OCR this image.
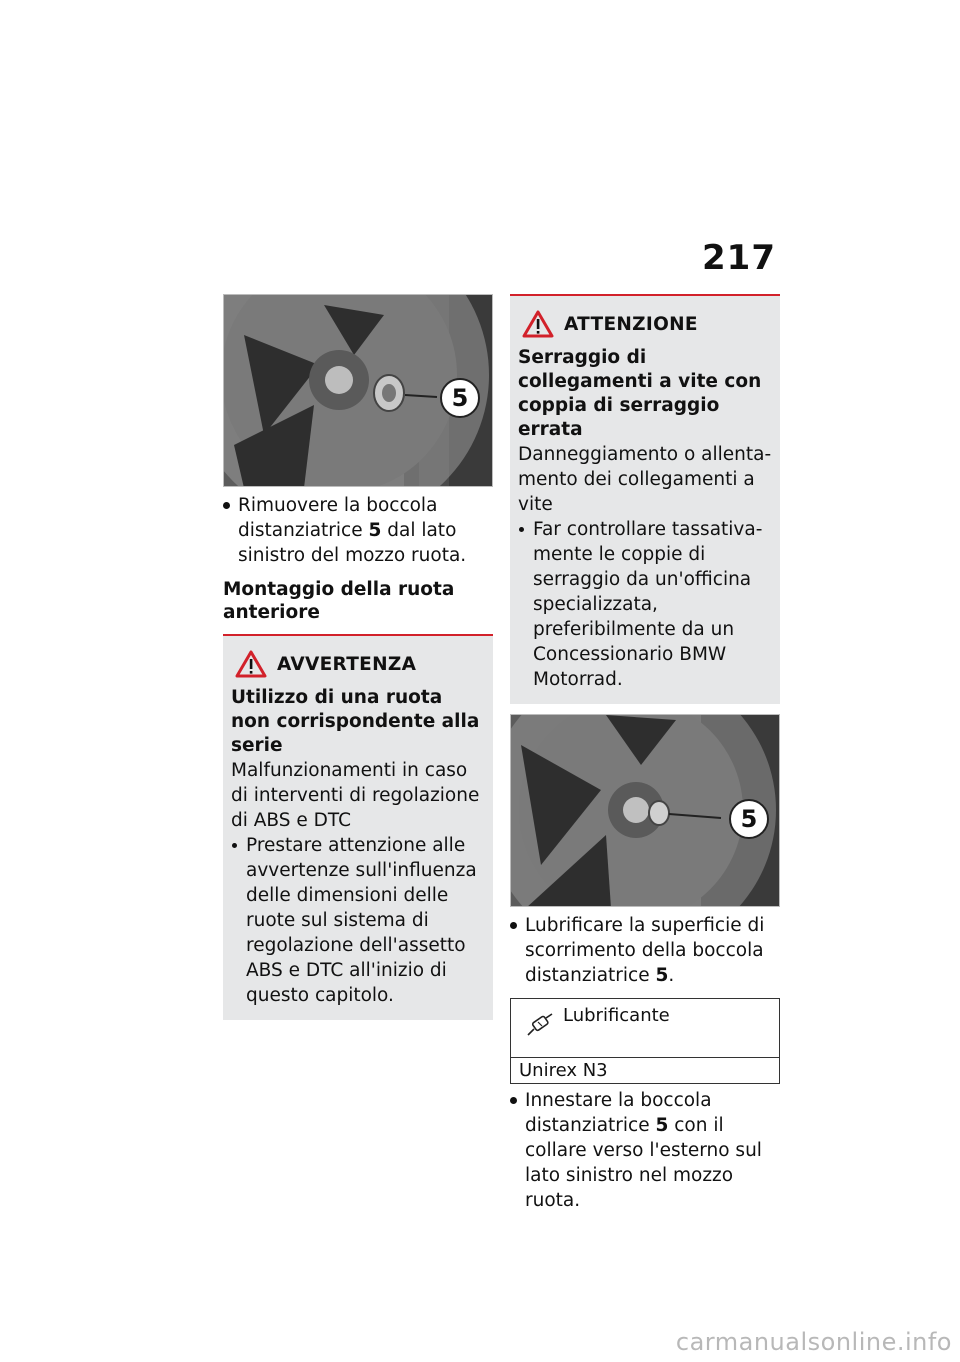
217
5
Rimuovere la boccola distanziatrice 5 dal lato sinistro del mozzo ruota.
Montaggio della ruota anteriore
AVVERTENZA
Utilizzo di una ruota non corrispondente alla serie
Malfunzionamenti in caso di interventi di regolazione di ABS e DTC
Prestare attenzione alle avvertenze sull'influenza delle dimensioni delle ruote sul sistema di regolazione dell'assetto ABS e DTC all'inizio di questo capitolo.
ATTENZIONE
Serraggio di collegamenti a vite con coppia di serraggio errata
Danneggiamento o allentamento dei collegamenti a vite
Far controllare tassativamente le coppie di serraggio da un'officina specializzata, preferibilmente da un Concessionario BMW Motorrad.
5
Lubrificare la superficie di scorrimento della boccola distanziatrice 5.
Lubrificante
Unirex N3
Innestare la boccola distanziatrice 5 con il collare verso l'esterno sul lato sinistro nel mozzo ruota.
carmanualsonline.info
